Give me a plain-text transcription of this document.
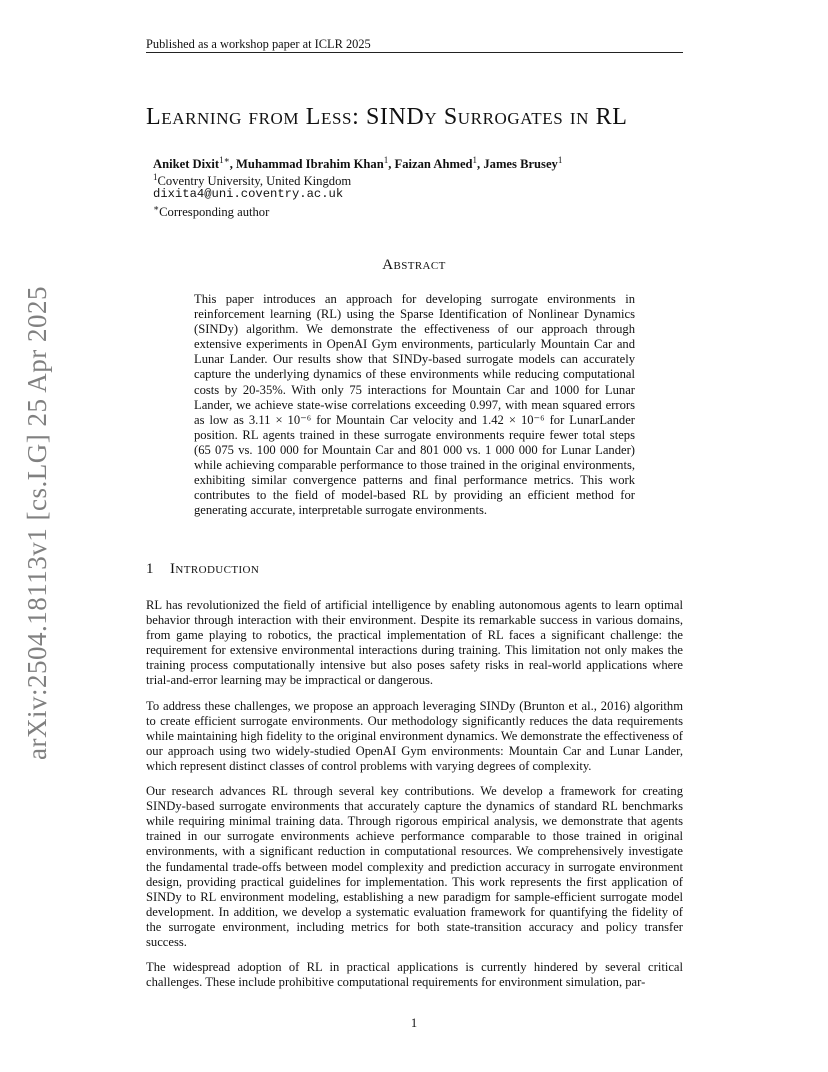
Published as a workshop paper at ICLR 2025
arXiv:2504.18113v1 [cs.LG] 25 Apr 2025
Learning from Less: SINDy Surrogates in RL
Aniket Dixit$^{1∗}$, Muhammad Ibrahim Khan$^1$, Faizan Ahmed$^1$, James Brusey$^1$
$^1$Coventry University, United Kingdom
dixita4@uni.coventry.ac.uk
∗Corresponding author
Abstract
This paper introduces an approach for developing surrogate environments in reinforcement learning (RL) using the Sparse Identification of Nonlinear Dynamics (SINDy) algorithm. We demonstrate the effectiveness of our approach through extensive experiments in OpenAI Gym environments, particularly Mountain Car and Lunar Lander. Our results show that SINDy-based surrogate models can accurately capture the underlying dynamics of these environments while reducing computational costs by 20-35%. With only 75 interactions for Mountain Car and 1000 for Lunar Lander, we achieve state-wise correlations exceeding 0.997, with mean squared errors as low as 3.11 × 10⁻⁶ for Mountain Car velocity and 1.42 × 10⁻⁶ for LunarLander position. RL agents trained in these surrogate environments require fewer total steps (65 075 vs. 100 000 for Mountain Car and 801 000 vs. 1 000 000 for Lunar Lander) while achieving comparable performance to those trained in the original environments, exhibiting similar convergence patterns and final performance metrics. This work contributes to the field of model-based RL by providing an efficient method for generating accurate, interpretable surrogate environments.
1 Introduction

RL has revolutionized the field of artificial intelligence by enabling autonomous agents to learn optimal behavior through interaction with their environment. Despite its remarkable success in various domains, from game playing to robotics, the practical implementation of RL faces a significant challenge: the requirement for extensive environmental interactions during training. This limitation not only makes the training process computationally intensive but also poses safety risks in real-world applications where trial-and-error learning may be impractical or dangerous.

To address these challenges, we propose an approach leveraging SINDy (Brunton et al., 2016) algorithm to create efficient surrogate environments. Our methodology significantly reduces the data requirements while maintaining high fidelity to the original environment dynamics. We demonstrate the effectiveness of our approach using two widely-studied OpenAI Gym environments: Mountain Car and Lunar Lander, which represent distinct classes of control problems with varying degrees of complexity.

Our research advances RL through several key contributions. We develop a framework for creating SINDy-based surrogate environments that accurately capture the dynamics of standard RL benchmarks while requiring minimal training data. Through rigorous empirical analysis, we demonstrate that agents trained in our surrogate environments achieve performance comparable to those trained in original environments, with a significant reduction in computational resources. We comprehensively investigate the fundamental trade-offs between model complexity and prediction accuracy in surrogate environment design, providing practical guidelines for implementation. This work represents the first application of SINDy to RL environment modeling, establishing a new paradigm for sample-efficient surrogate model development. In addition, we develop a systematic evaluation framework for quantifying the fidelity of the surrogate environment, including metrics for both state-transition accuracy and policy transfer success.

The widespread adoption of RL in practical applications is currently hindered by several critical challenges. These include prohibitive computational requirements for environment simulation, par-

1
